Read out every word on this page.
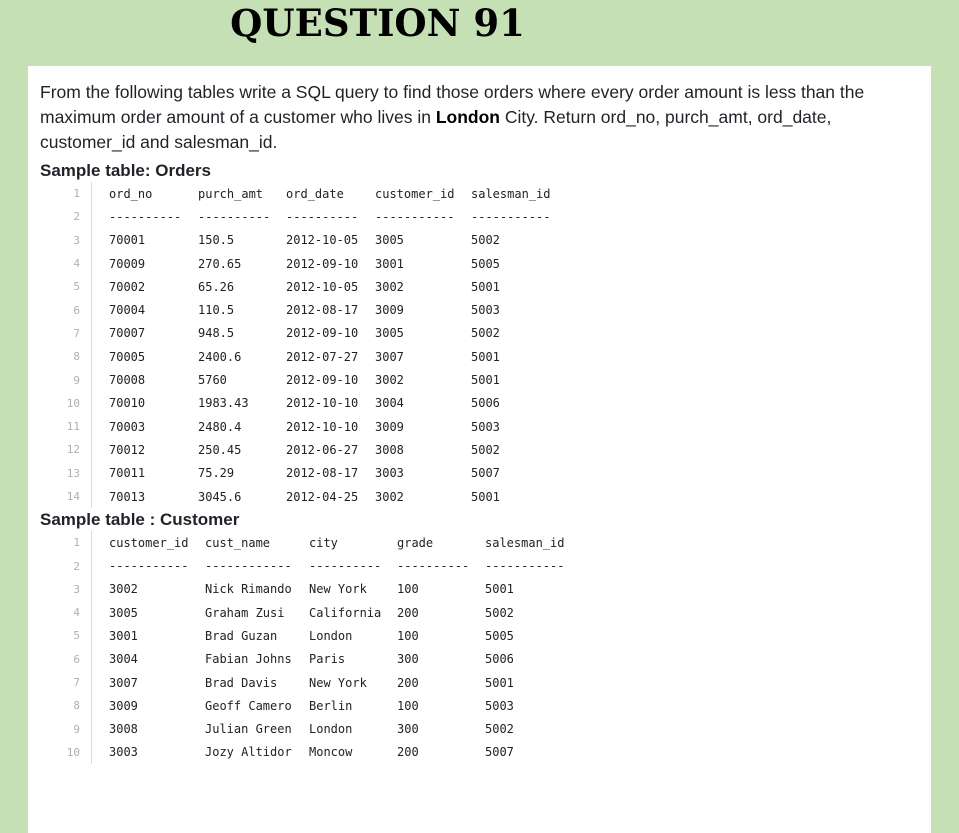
QUESTION 91

From the following tables write a SQL query to find those orders where every order amount is less than the maximum order amount of a customer who lives in London City. Return ord_no, purch_amt, ord_date, customer_id and salesman_id.

Sample table: Orders

1	ord_no	purch_amt	ord_date	customer_id	salesman_id
2	----------	----------	----------	-----------	-----------
3	70001	150.5	2012-10-05	3005	5002
4	70009	270.65	2012-09-10	3001	5005
5	70002	65.26	2012-10-05	3002	5001
6	70004	110.5	2012-08-17	3009	5003
7	70007	948.5	2012-09-10	3005	5002
8	70005	2400.6	2012-07-27	3007	5001
9	70008	5760	2012-09-10	3002	5001
10	70010	1983.43	2012-10-10	3004	5006
11	70003	2480.4	2012-10-10	3009	5003
12	70012	250.45	2012-06-27	3008	5002
13	70011	75.29	2012-08-17	3003	5007
14	70013	3045.6	2012-04-25	3002	5001

Sample table : Customer

1	customer_id	cust_name	city	grade	salesman_id
2	-----------	------------	----------	----------	-----------
3	3002	Nick Rimando	New York	100	5001
4	3005	Graham Zusi	California	200	5002
5	3001	Brad Guzan	London	100	5005
6	3004	Fabian Johns	Paris	300	5006
7	3007	Brad Davis	New York	200	5001
8	3009	Geoff Camero	Berlin	100	5003
9	3008	Julian Green	London	300	5002
10	3003	Jozy Altidor	Moncow	200	5007
